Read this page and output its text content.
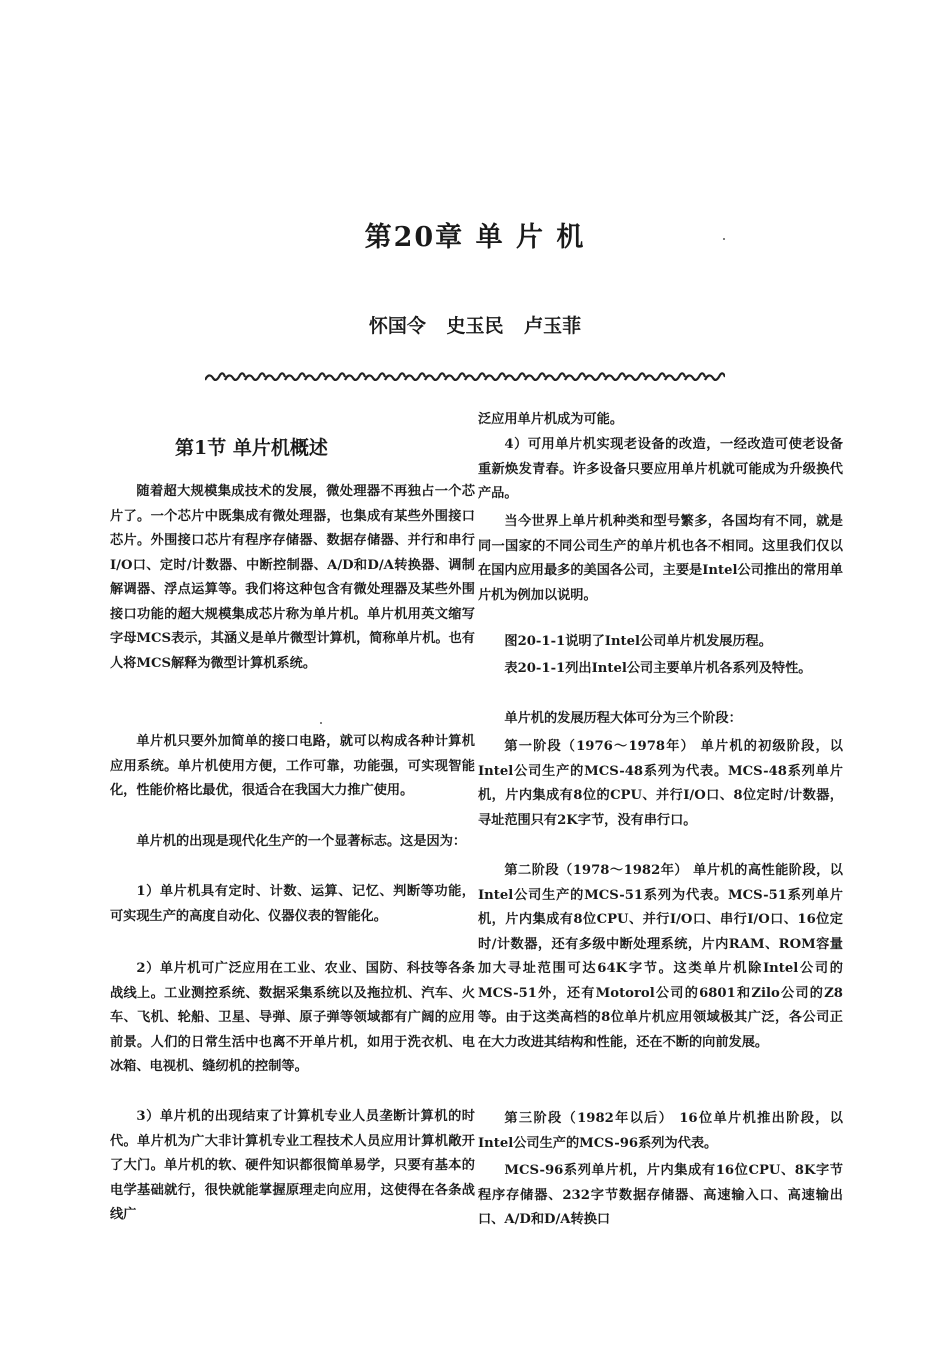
第20章 单 片 机
怀国令 史玉民 卢玉菲
第1节 单片机概述

随着超大规模集成技术的发展，微处理器不再独占一个芯片了。一个芯片中既集成有微处理器，也集成有某些外围接口芯片。外围接口芯片有程序存储器、数据存储器、并行和串行I/O口、定时/计数器、中断控制器、A/D和D/A转换器、调制解调器、浮点运算等。我们将这种包含有微处理器及某些外围接口功能的超大规模集成芯片称为单片机。单片机用英文缩写字母MCS表示，其涵义是单片微型计算机，简称单片机。也有人将MCS解释为微型计算机系统。

单片机只要外加简单的接口电路，就可以构成各种计算机应用系统。单片机使用方便，工作可靠，功能强，可实现智能化，性能价格比最优，很适合在我国大力推广使用。

单片机的出现是现代化生产的一个显著标志。这是因为：

1）单片机具有定时、计数、运算、记忆、判断等功能，可实现生产的高度自动化、仪器仪表的智能化。

2）单片机可广泛应用在工业、农业、国防、科技等各条战线上。工业测控系统、数据采集系统以及拖拉机、汽车、火车、飞机、轮船、卫星、导弹、原子弹等领域都有广阔的应用前景。人们的日常生活中也离不开单片机，如用于洗衣机、电冰箱、电视机、缝纫机的控制等。

3）单片机的出现结束了计算机专业人员垄断计算机的时代。单片机为广大非计算机专业工程技术人员应用计算机敞开了大门。单片机的软、硬件知识都很简单易学，只要有基本的电学基础就行，很快就能掌握原理走向应用，这使得在各条战线广

泛应用单片机成为可能。

4）可用单片机实现老设备的改造，一经改造可使老设备重新焕发青春。许多设备只要应用单片机就可能成为升级换代产品。

当今世界上单片机种类和型号繁多，各国均有不同，就是同一国家的不同公司生产的单片机也各不相同。这里我们仅以在国内应用最多的美国各公司，主要是Intel公司推出的常用单片机为例加以说明。

图20-1-1说明了Intel公司单片机发展历程。

表20-1-1列出Intel公司主要单片机各系列及特性。

单片机的发展历程大体可分为三个阶段：

第一阶段（1976～1978年） 单片机的初级阶段，以Intel公司生产的MCS-48系列为代表。MCS-48系列单片机，片内集成有8位的CPU、并行I/O口、8位定时/计数器，寻址范围只有2K字节，没有串行口。

第二阶段（1978～1982年） 单片机的高性能阶段，以Intel公司生产的MCS-51系列为代表。MCS-51系列单片机，片内集成有8位CPU、并行I/O口、串行I/O口、16位定时/计数器，还有多级中断处理系统，片内RAM、ROM容量加大寻址范围可达64K字节。这类单片机除Intel公司的MCS-51外，还有Motorol公司的6801和Zilo公司的Z8等。由于这类高档的8位单片机应用领域极其广泛，各公司正在大力改进其结构和性能，还在不断的向前发展。

第三阶段（1982年以后） 16位单片机推出阶段，以Intel公司生产的MCS-96系列为代表。

MCS-96系列单片机，片内集成有16位CPU、8K字节程序存储器、232字节数据存储器、高速输入口、高速输出口、A/D和D/A转换口
